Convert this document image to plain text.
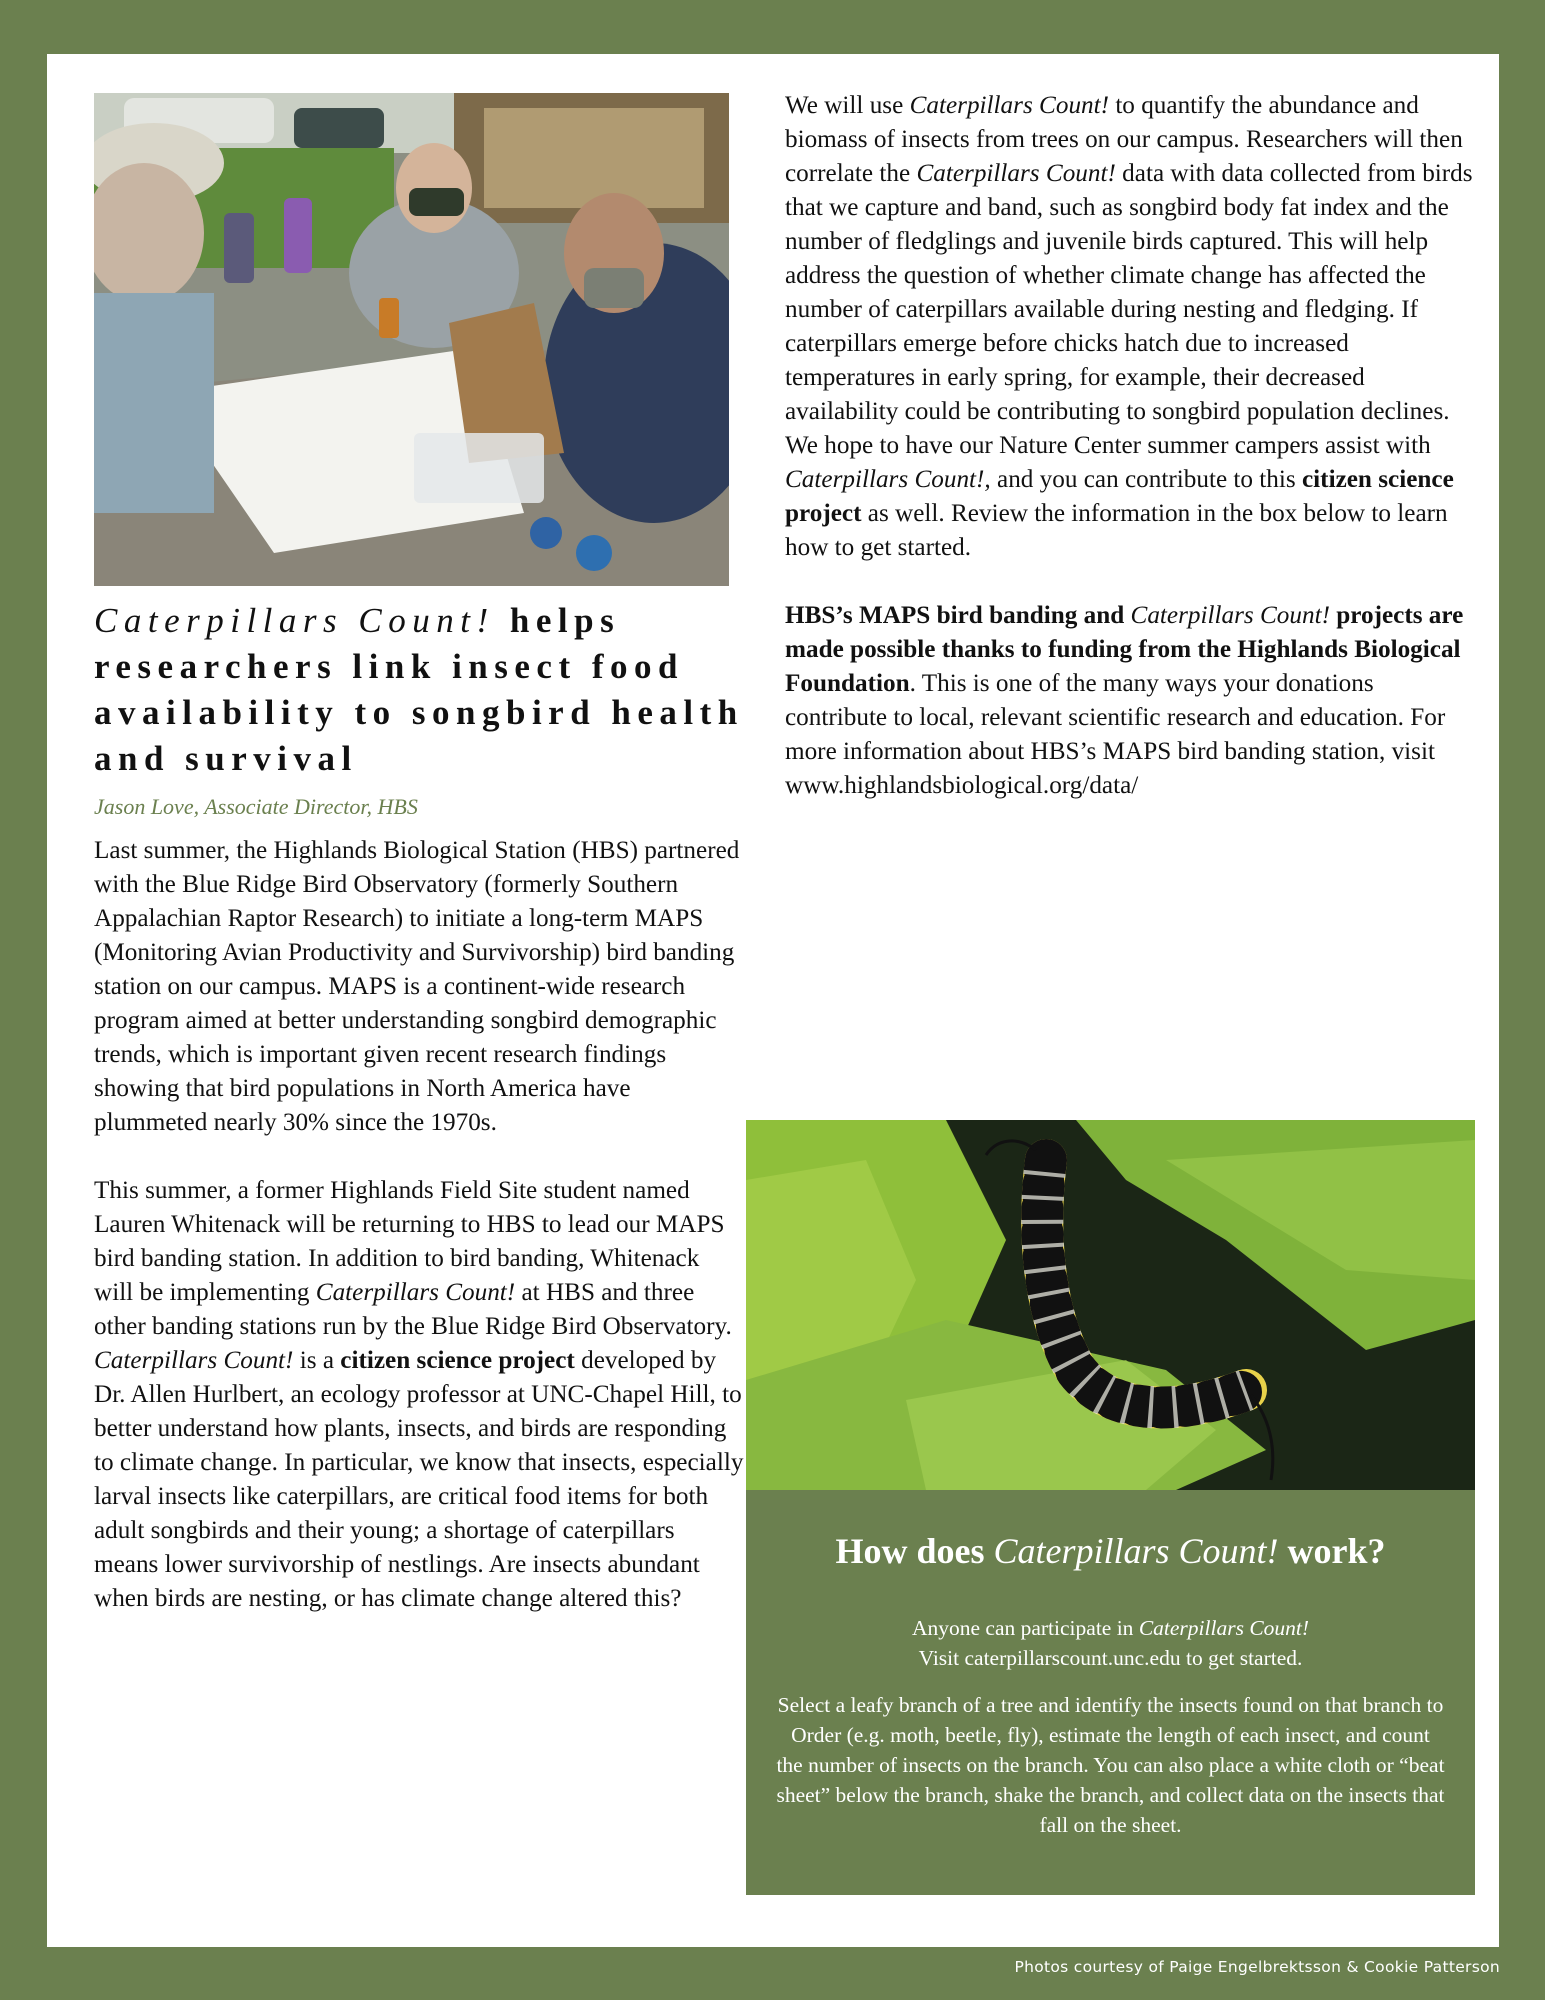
Caterpillars Count! helps researchers link insect food availability to songbird health and survival

Jason Love, Associate Director, HBS

Last summer, the Highlands Biological Station (HBS) partnered with the Blue Ridge Bird Observatory (formerly Southern Appalachian Raptor Research) to initiate a long-term MAPS (Monitoring Avian Productivity and Survivorship) bird banding station on our campus. MAPS is a continent-wide research program aimed at better understanding songbird demographic trends, which is important given recent research findings showing that bird populations in North America have plummeted nearly 30% since the 1970s.

This summer, a former Highlands Field Site student named Lauren Whitenack will be returning to HBS to lead our MAPS bird banding station. In addition to bird banding, Whitenack will be implementing Caterpillars Count! at HBS and three other banding stations run by the Blue Ridge Bird Observatory. Caterpillars Count! is a citizen science project developed by Dr. Allen Hurlbert, an ecology professor at UNC-Chapel Hill, to better understand how plants, insects, and birds are responding to climate change. In particular, we know that insects, especially larval insects like caterpillars, are critical food items for both adult songbirds and their young; a shortage of caterpillars means lower survivorship of nestlings. Are insects abundant when birds are nesting, or has climate change altered this?

We will use Caterpillars Count! to quantify the abundance and biomass of insects from trees on our campus. Researchers will then correlate the Caterpillars Count! data with data collected from birds that we capture and band, such as songbird body fat index and the number of fledglings and juvenile birds captured. This will help address the question of whether climate change has affected the number of caterpillars available during nesting and fledging. If caterpillars emerge before chicks hatch due to increased temperatures in early spring, for example, their decreased availability could be contributing to songbird population declines. We hope to have our Nature Center summer campers assist with Caterpillars Count!, and you can contribute to this citizen science project as well. Review the information in the box below to learn how to get started.

HBS’s MAPS bird banding and Caterpillars Count! projects are made possible thanks to funding from the Highlands Biological Foundation. This is one of the many ways your donations contribute to local, relevant scientific research and education. For more information about HBS’s MAPS bird banding station, visit www.highlandsbiological.org/data/

How does Caterpillars Count! work?

Anyone can participate in Caterpillars Count!
Visit caterpillarscount.unc.edu to get started.

Select a leafy branch of a tree and identify the insects found on that branch to Order (e.g. moth, beetle, fly), estimate the length of each insect, and count the number of insects on the branch. You can also place a white cloth or “beat sheet” below the branch, shake the branch, and collect data on the insects that fall on the sheet.

Photos courtesy of Paige Engelbrektsson & Cookie Patterson
